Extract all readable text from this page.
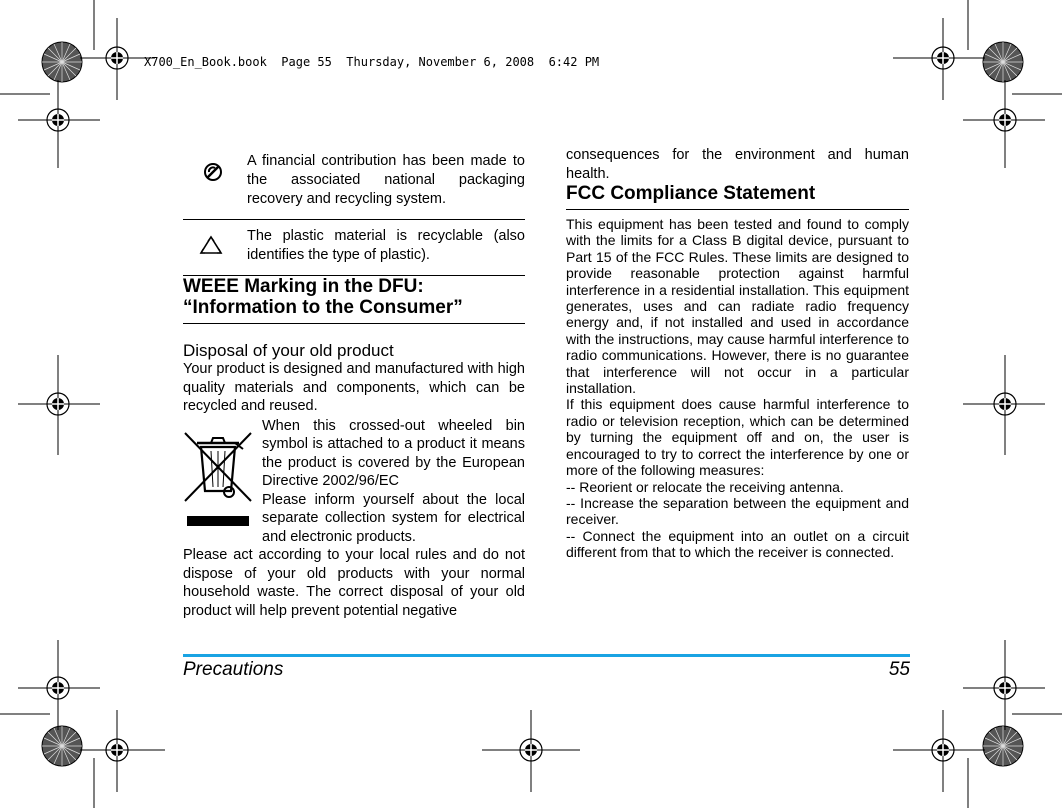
X700_En_Book.book  Page 55  Thursday, November 6, 2008  6:42 PM
	A financial contribution has been made to the associated national packaging recovery and recycling system.
	The plastic material is recyclable (also identifies the type of plastic).
WEEE Marking in the DFU:
“Information to the Consumer”
Disposal of your old product

Your product is designed and manufactured with high quality materials and components, which can be recycled and reused.

When this crossed-out wheeled bin symbol is attached to a product it means the product is covered by the European Directive 2002/96/EC

Please inform yourself about the local separate collection system for electrical and electronic products.

Please act according to your local rules and do not dispose of your old products with your normal household waste. The correct disposal of your old product will help prevent potential negative

consequences for the environment and human health.

FCC Compliance Statement

This equipment has been tested and found to comply with the limits for a Class B digital device, pursuant to Part 15 of the FCC Rules. These limits are designed to provide reasonable protection against harmful interference in a residential installation. This equipment generates, uses and can radiate radio frequency energy and, if not installed and used in accordance with the instructions, may cause harmful interference to radio communications. However, there is no guarantee that interference will not occur in a particular installation.

If this equipment does cause harmful interference to radio or television reception, which can be determined by turning the equipment off and on, the user is encouraged to try to correct the interference by one or more of the following measures:

-- Reorient or relocate the receiving antenna.

-- Increase the separation between the equipment and receiver.

-- Connect the equipment into an outlet on a circuit different from that to which the receiver is connected.

Precautions	55
